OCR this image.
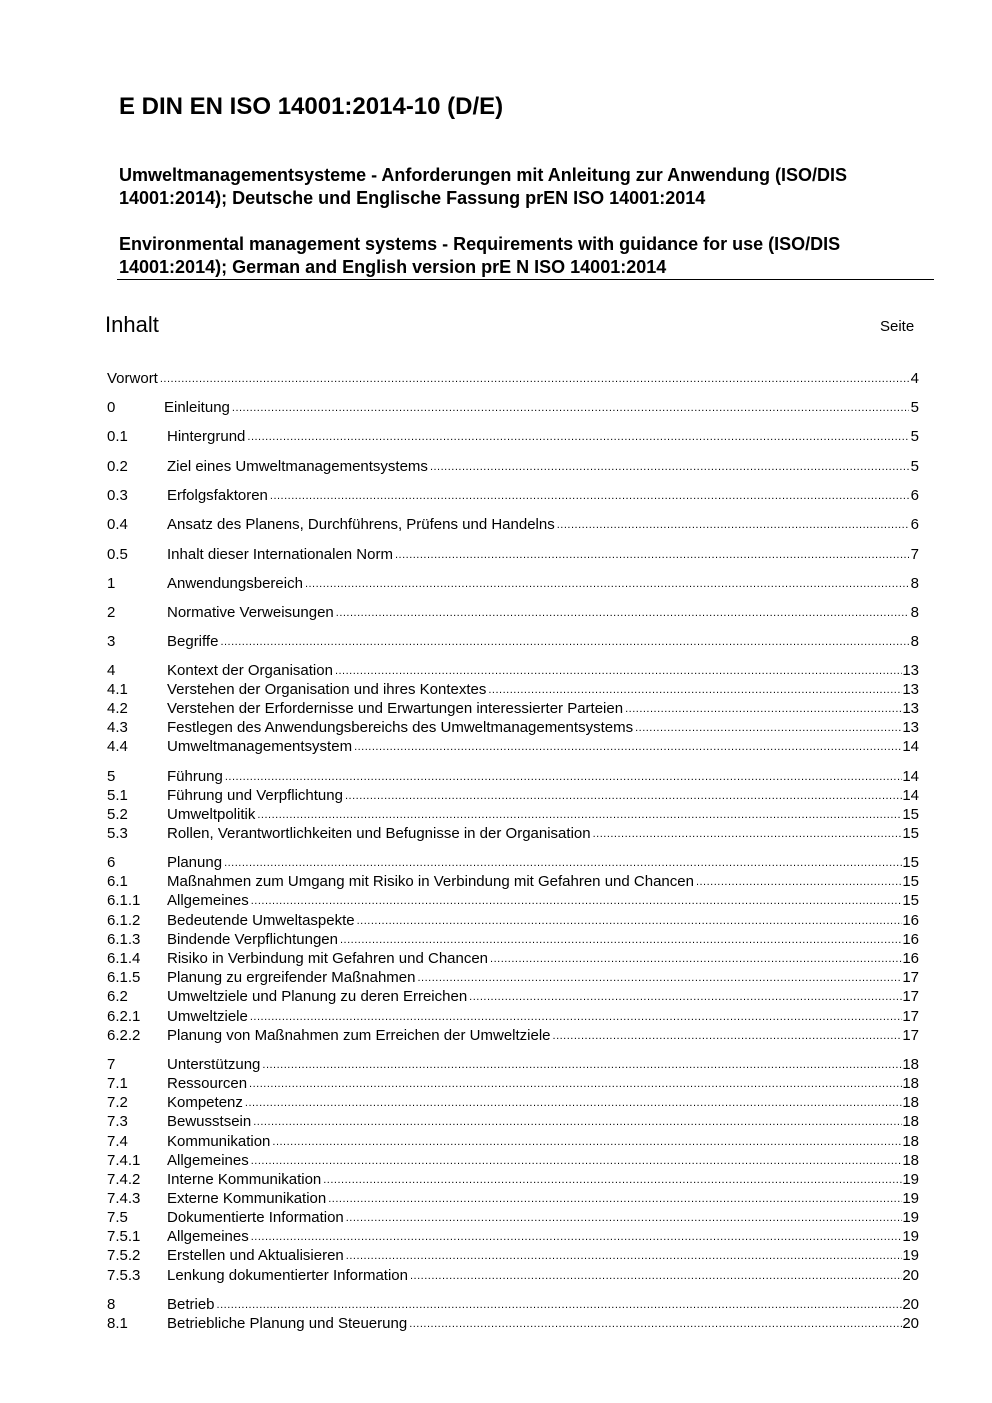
E DIN EN ISO 14001:2014-10 (D/E)

Umweltmanagementsysteme - Anforderungen mit Anleitung zur Anwendung (ISO/DIS 14001:2014); Deutsche und Englische Fassung prEN ISO 14001:2014

Environmental management systems - Requirements with guidance for use (ISO/DIS 14001:2014); German and English version prE N ISO 14001:2014

Inhalt	Seite
Vorwort .....	4
0	Einleitung .....	5
0.1	Hintergrund .....	5
0.2	Ziel eines Umweltmanagementsystems .....	5
0.3	Erfolgsfaktoren .....	6
0.4	Ansatz des Planens, Durchführens, Prüfens und Handelns .....	6
0.5	Inhalt dieser Internationalen Norm .....	7
1	Anwendungsbereich .....	8
2	Normative Verweisungen .....	8
3	Begriffe .....	8
4	Kontext der Organisation .....	13
4.1	Verstehen der Organisation und ihres Kontextes .....	13
4.2	Verstehen der Erfordernisse und Erwartungen interessierter Parteien .....	13
4.3	Festlegen des Anwendungsbereichs des Umweltmanagementsystems .....	13
4.4	Umweltmanagementsystem .....	14
5	Führung .....	14
5.1	Führung und Verpflichtung .....	14
5.2	Umweltpolitik .....	15
5.3	Rollen, Verantwortlichkeiten und Befugnisse in der Organisation .....	15
6	Planung .....	15
6.1	Maßnahmen zum Umgang mit Risiko in Verbindung mit Gefahren und Chancen .....	15
6.1.1	Allgemeines .....	15
6.1.2	Bedeutende Umweltaspekte .....	16
6.1.3	Bindende Verpflichtungen .....	16
6.1.4	Risiko in Verbindung mit Gefahren und Chancen .....	16
6.1.5	Planung zu ergreifender Maßnahmen .....	17
6.2	Umweltziele und Planung zu deren Erreichen .....	17
6.2.1	Umweltziele .....	17
6.2.2	Planung von Maßnahmen zum Erreichen der Umweltziele .....	17
7	Unterstützung .....	18
7.1	Ressourcen .....	18
7.2	Kompetenz .....	18
7.3	Bewusstsein .....	18
7.4	Kommunikation .....	18
7.4.1	Allgemeines .....	18
7.4.2	Interne Kommunikation .....	19
7.4.3	Externe Kommunikation .....	19
7.5	Dokumentierte Information .....	19
7.5.1	Allgemeines .....	19
7.5.2	Erstellen und Aktualisieren .....	19
7.5.3	Lenkung dokumentierter Information .....	20
8	Betrieb .....	20
8.1	Betriebliche Planung und Steuerung .....	20
